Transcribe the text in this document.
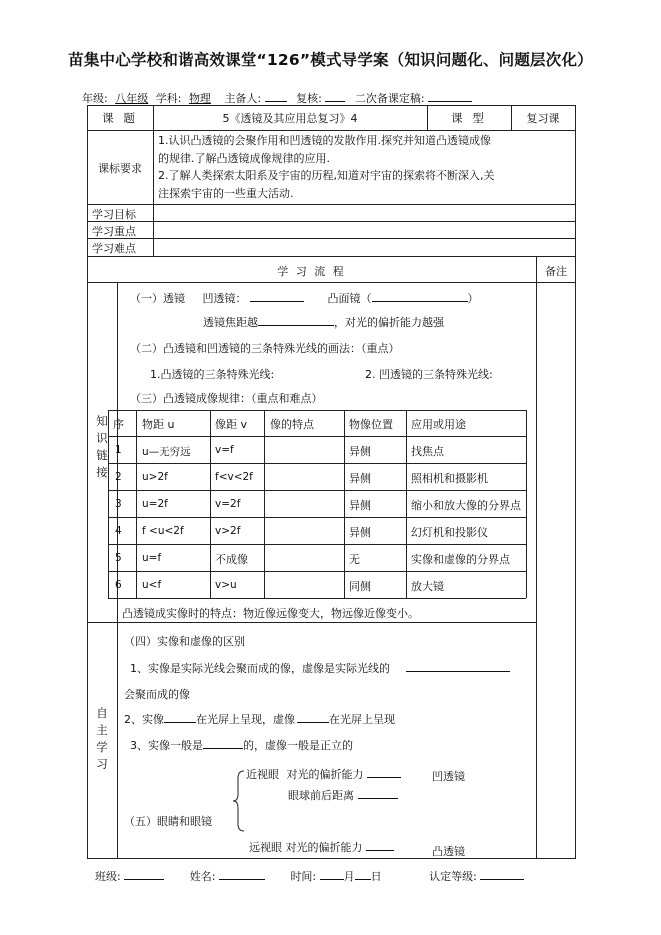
苗集中心学校和谐高效课堂“126”模式导学案（知识问题化、问题层次化）
年级: 八年级 学科: 物理 主备人:	复核:	二次备课定稿:
课 题	5《透镜及其应用总复习》4	课 型	复习课
课标要求
1.认识凸透镜的会聚作用和凹透镜的发散作用.探究并知道凸透镜成像
的规律.了解凸透镜成像规律的应用.
2.了解人类探索太阳系及宇宙的历程,知道对宇宙的探索将不断深入,关
注探索宇宙的一些重大活动.
学习目标
学习重点
学习难点
学 习 流 程	备注
知
识
链
接
（一）透镜 凹透镜：	凸面镜（	）
透镜焦距越	，对光的偏折能力越强
（二）凸透镜和凹透镜的三条特殊光线的画法：（重点）
1.凸透镜的三条特殊光线:	2. 凹透镜的三条特殊光线:
（三）凸透镜成像规律：（重点和难点）
序 物距 u	像距 v 像的特点	物像位置 应用或用途
1 u—无穷远 v=f	异侧	找焦点
2 u>2f	f<v<2f	异侧	照相机和摄影机
3 u=2f	v=2f	异侧	缩小和放大像的分界点
4 f <u<2f	v>2f	异侧	幻灯机和投影仪
5 u=f	不成像	无	实像和虚像的分界点
6 u<f	v>u	同侧	放大镜
凸透镜成实像时的特点：物近像远像变大，物远像近像变小。
自
主
学
习
（四）实像和虚像的区别
1、实像是实际光线会聚而成的像，虚像是实际光线的
会聚而成的像
2、实像	在光屏上呈现，虚像	在光屏上呈现
3、实像一般是	的，虚像一般是正立的
近视眼 对光的偏折能力	凹透镜
眼球前后距离
（五）眼睛和眼镜
远视眼 对光的偏折能力	凸透镜
班级:	姓名:	时间:	月 日	认定等级:
